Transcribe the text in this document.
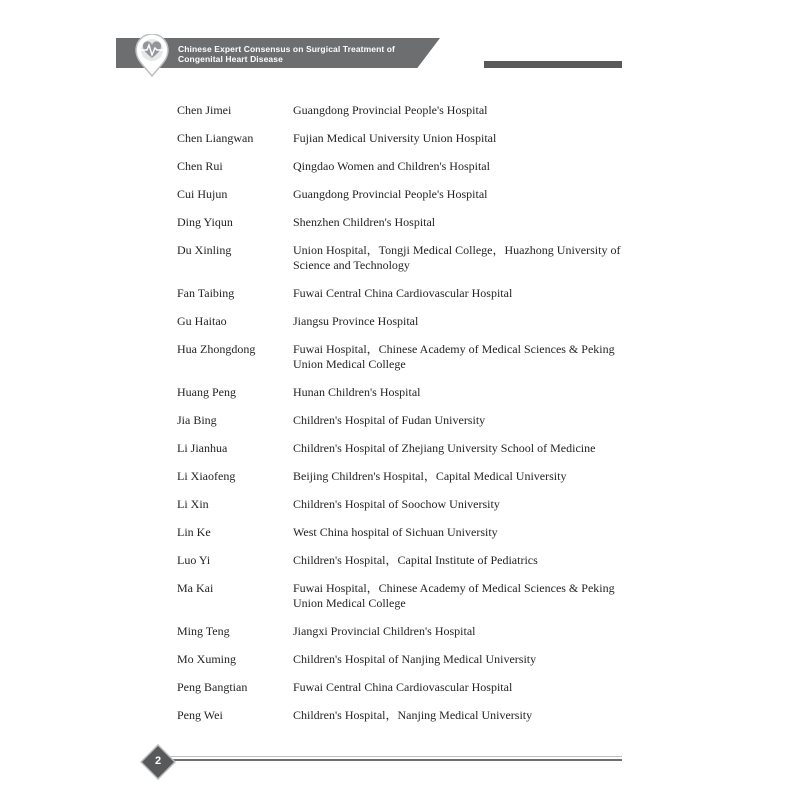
Chinese Expert Consensus on Surgical Treatment of
Congenital Heart Disease
Chen Jimei	Guangdong Provincial People's Hospital
Chen Liangwan	Fujian Medical University Union Hospital
Chen Rui	Qingdao Women and Children's Hospital
Cui Hujun	Guangdong Provincial People's Hospital
Ding Yiqun	Shenzhen Children's Hospital
Du Xinling	Union Hospital，Tongji Medical College，Huazhong University of Science and Technology
Fan Taibing	Fuwai Central China Cardiovascular Hospital
Gu Haitao	Jiangsu Province Hospital
Hua Zhongdong	Fuwai Hospital，Chinese Academy of Medical Sciences & Peking Union Medical College
Huang Peng	Hunan Children's Hospital
Jia Bing	Children's Hospital of Fudan University
Li Jianhua	Children's Hospital of Zhejiang University School of Medicine
Li Xiaofeng	Beijing Children's Hospital，Capital Medical University
Li Xin	Children's Hospital of Soochow University
Lin Ke	West China hospital of Sichuan University
Luo Yi	Children's Hospital，Capital Institute of Pediatrics
Ma Kai	Fuwai Hospital，Chinese Academy of Medical Sciences & Peking Union Medical College
Ming Teng	Jiangxi Provincial Children's Hospital
Mo Xuming	Children's Hospital of Nanjing Medical University
Peng Bangtian	Fuwai Central China Cardiovascular Hospital
Peng Wei	Children's Hospital，Nanjing Medical University
2
